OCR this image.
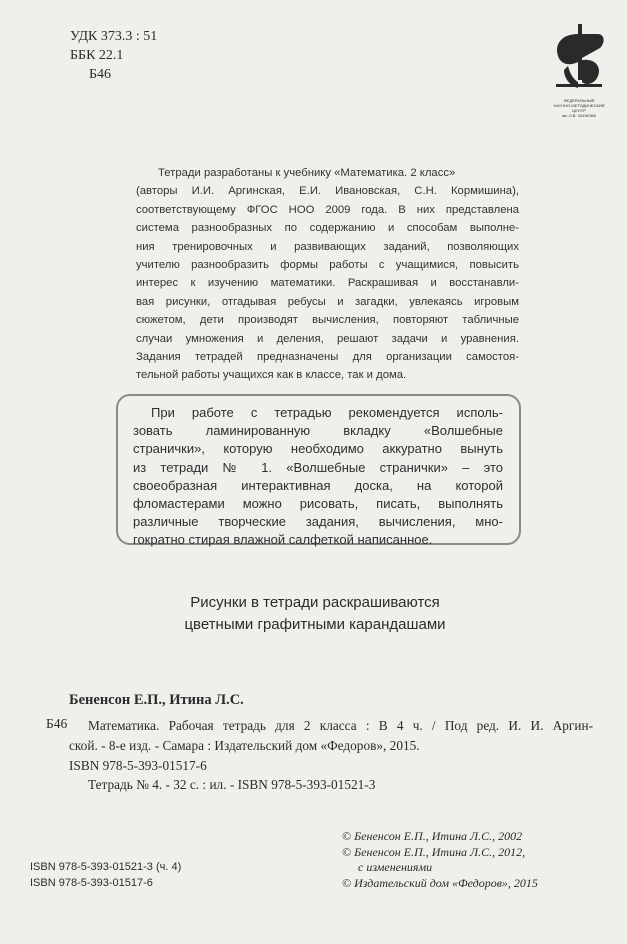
УДК 373.3 : 51
ББК 22.1
Б46
ФЕДЕРАЛЬНЫЙ
НАУЧНО-МЕТОДИЧЕСКИЙ ЦЕНТР
им. Л.В. ЗАНКОВА
Тетради разработаны к учебнику «Математика. 2 класс»
(авторы И.И. Аргинская, Е.И. Ивановская, С.Н. Кормишина),
соответствующему ФГОС НОО 2009 года. В них представлена
система разнообразных по содержанию и способам выполне-
ния тренировочных и развивающих заданий, позволяющих
учителю разнообразить формы работы с учащимися, повысить
интерес к изучению математики. Раскрашивая и восстанавли-
вая рисунки, отгадывая ребусы и загадки, увлекаясь игровым
сюжетом, дети производят вычисления, повторяют табличные
случаи умножения и деления, решают задачи и уравнения.
Задания тетрадей предназначены для организации самостоя-
тельной работы учащихся как в классе, так и дома.
При работе с тетрадью рекомендуется исполь-
зовать ламинированную вкладку «Волшебные
странички», которую необходимо аккуратно вынуть
из тетради № 1. «Волшебные странички» – это
своеобразная интерактивная доска, на которой
фломастерами можно рисовать, писать, выполнять
различные творческие задания, вычисления, мно-
гократно стирая влажной салфеткой написанное.
Рисунки в тетради раскрашиваются
цветными графитными карандашами
Бененсон Е.П., Итина Л.С.
Б46 Математика. Рабочая тетрадь для 2 класса : В 4 ч. / Под ред. И. И. Аргин-
ской. - 8-е изд. - Самара : Издательский дом «Федоров», 2015.
ISBN 978-5-393-01517-6
Тетрадь № 4. - 32 с. : ил. - ISBN 978-5-393-01521-3
© Бененсон Е.П., Итина Л.С., 2002
© Бененсон Е.П., Итина Л.С., 2012,
с изменениями
© Издательский дом «Федоров», 2015
ISBN 978-5-393-01521-3 (ч. 4)
ISBN 978-5-393-01517-6
